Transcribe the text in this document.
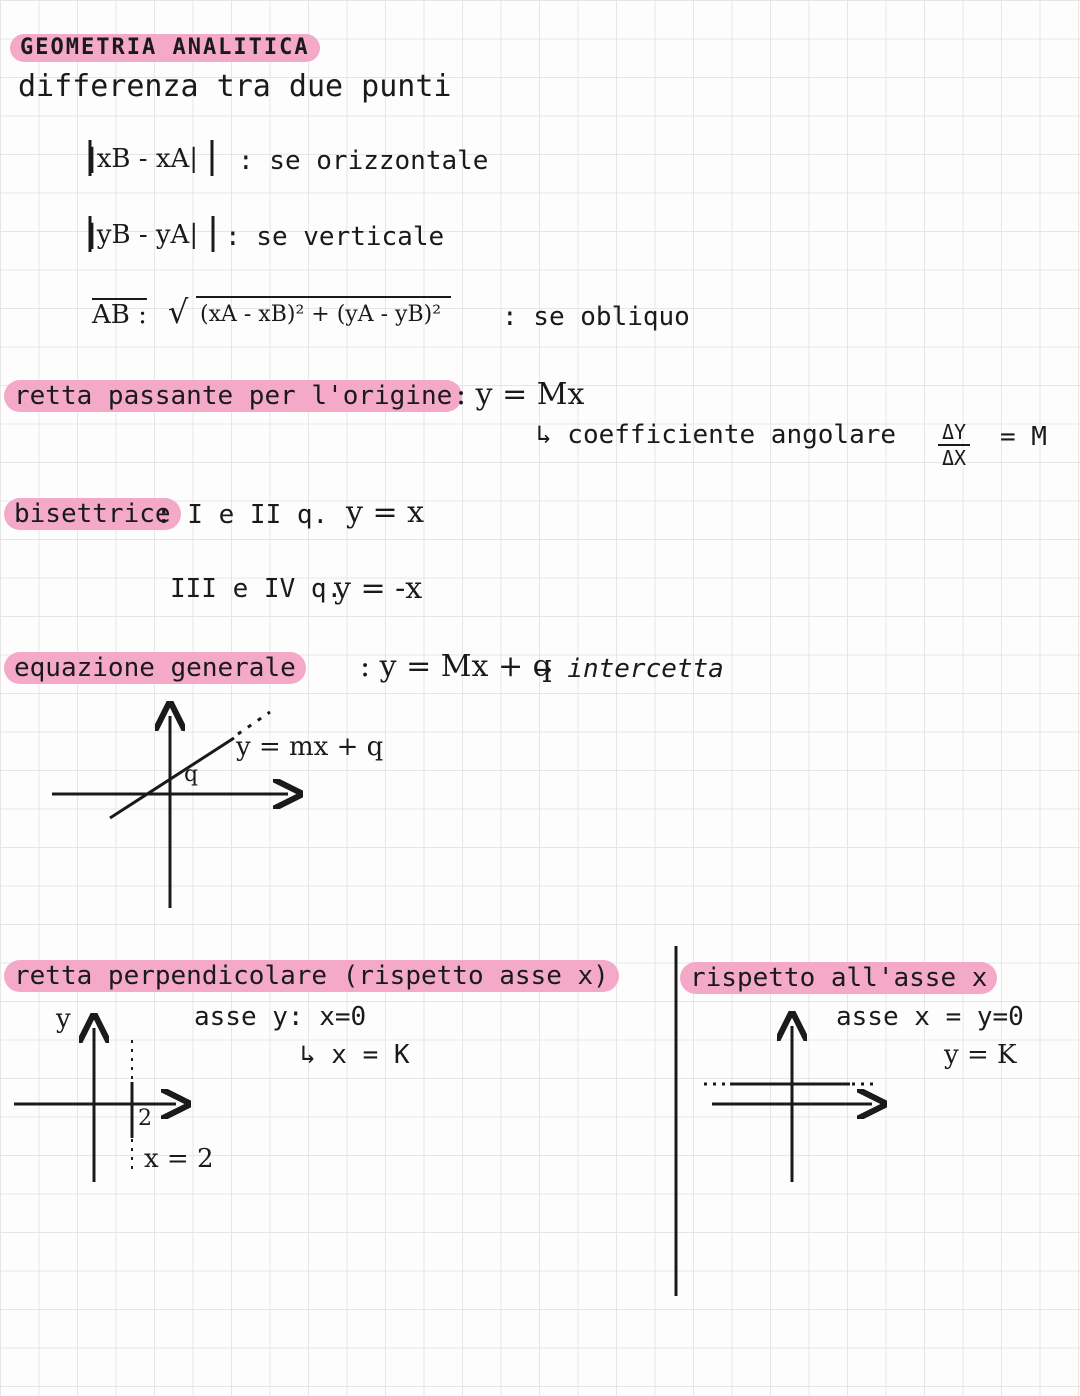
GEOMETRIA ANALITICA
differenza tra due punti
|xB - xA| : se orizzontale
|yB - yA| : se verticale
AB : √ (xA - xB)² + (yA - yB)²	: se obliquo
retta passante per l'origine : y = Mx
↳ coefficiente angolare $\frac{\Delta Y}{\Delta X} = M$
bisettrice
: I e II q. y = x
III e IV q.
y = -x
equazione generale	: y = Mx + q
→ intercetta
y = mx + q
q
retta perpendicolare (rispetto asse x)
y	asse y: x=0
↳ x = K
2
x = 2
rispetto all'asse x
asse x = y=0
y = K
